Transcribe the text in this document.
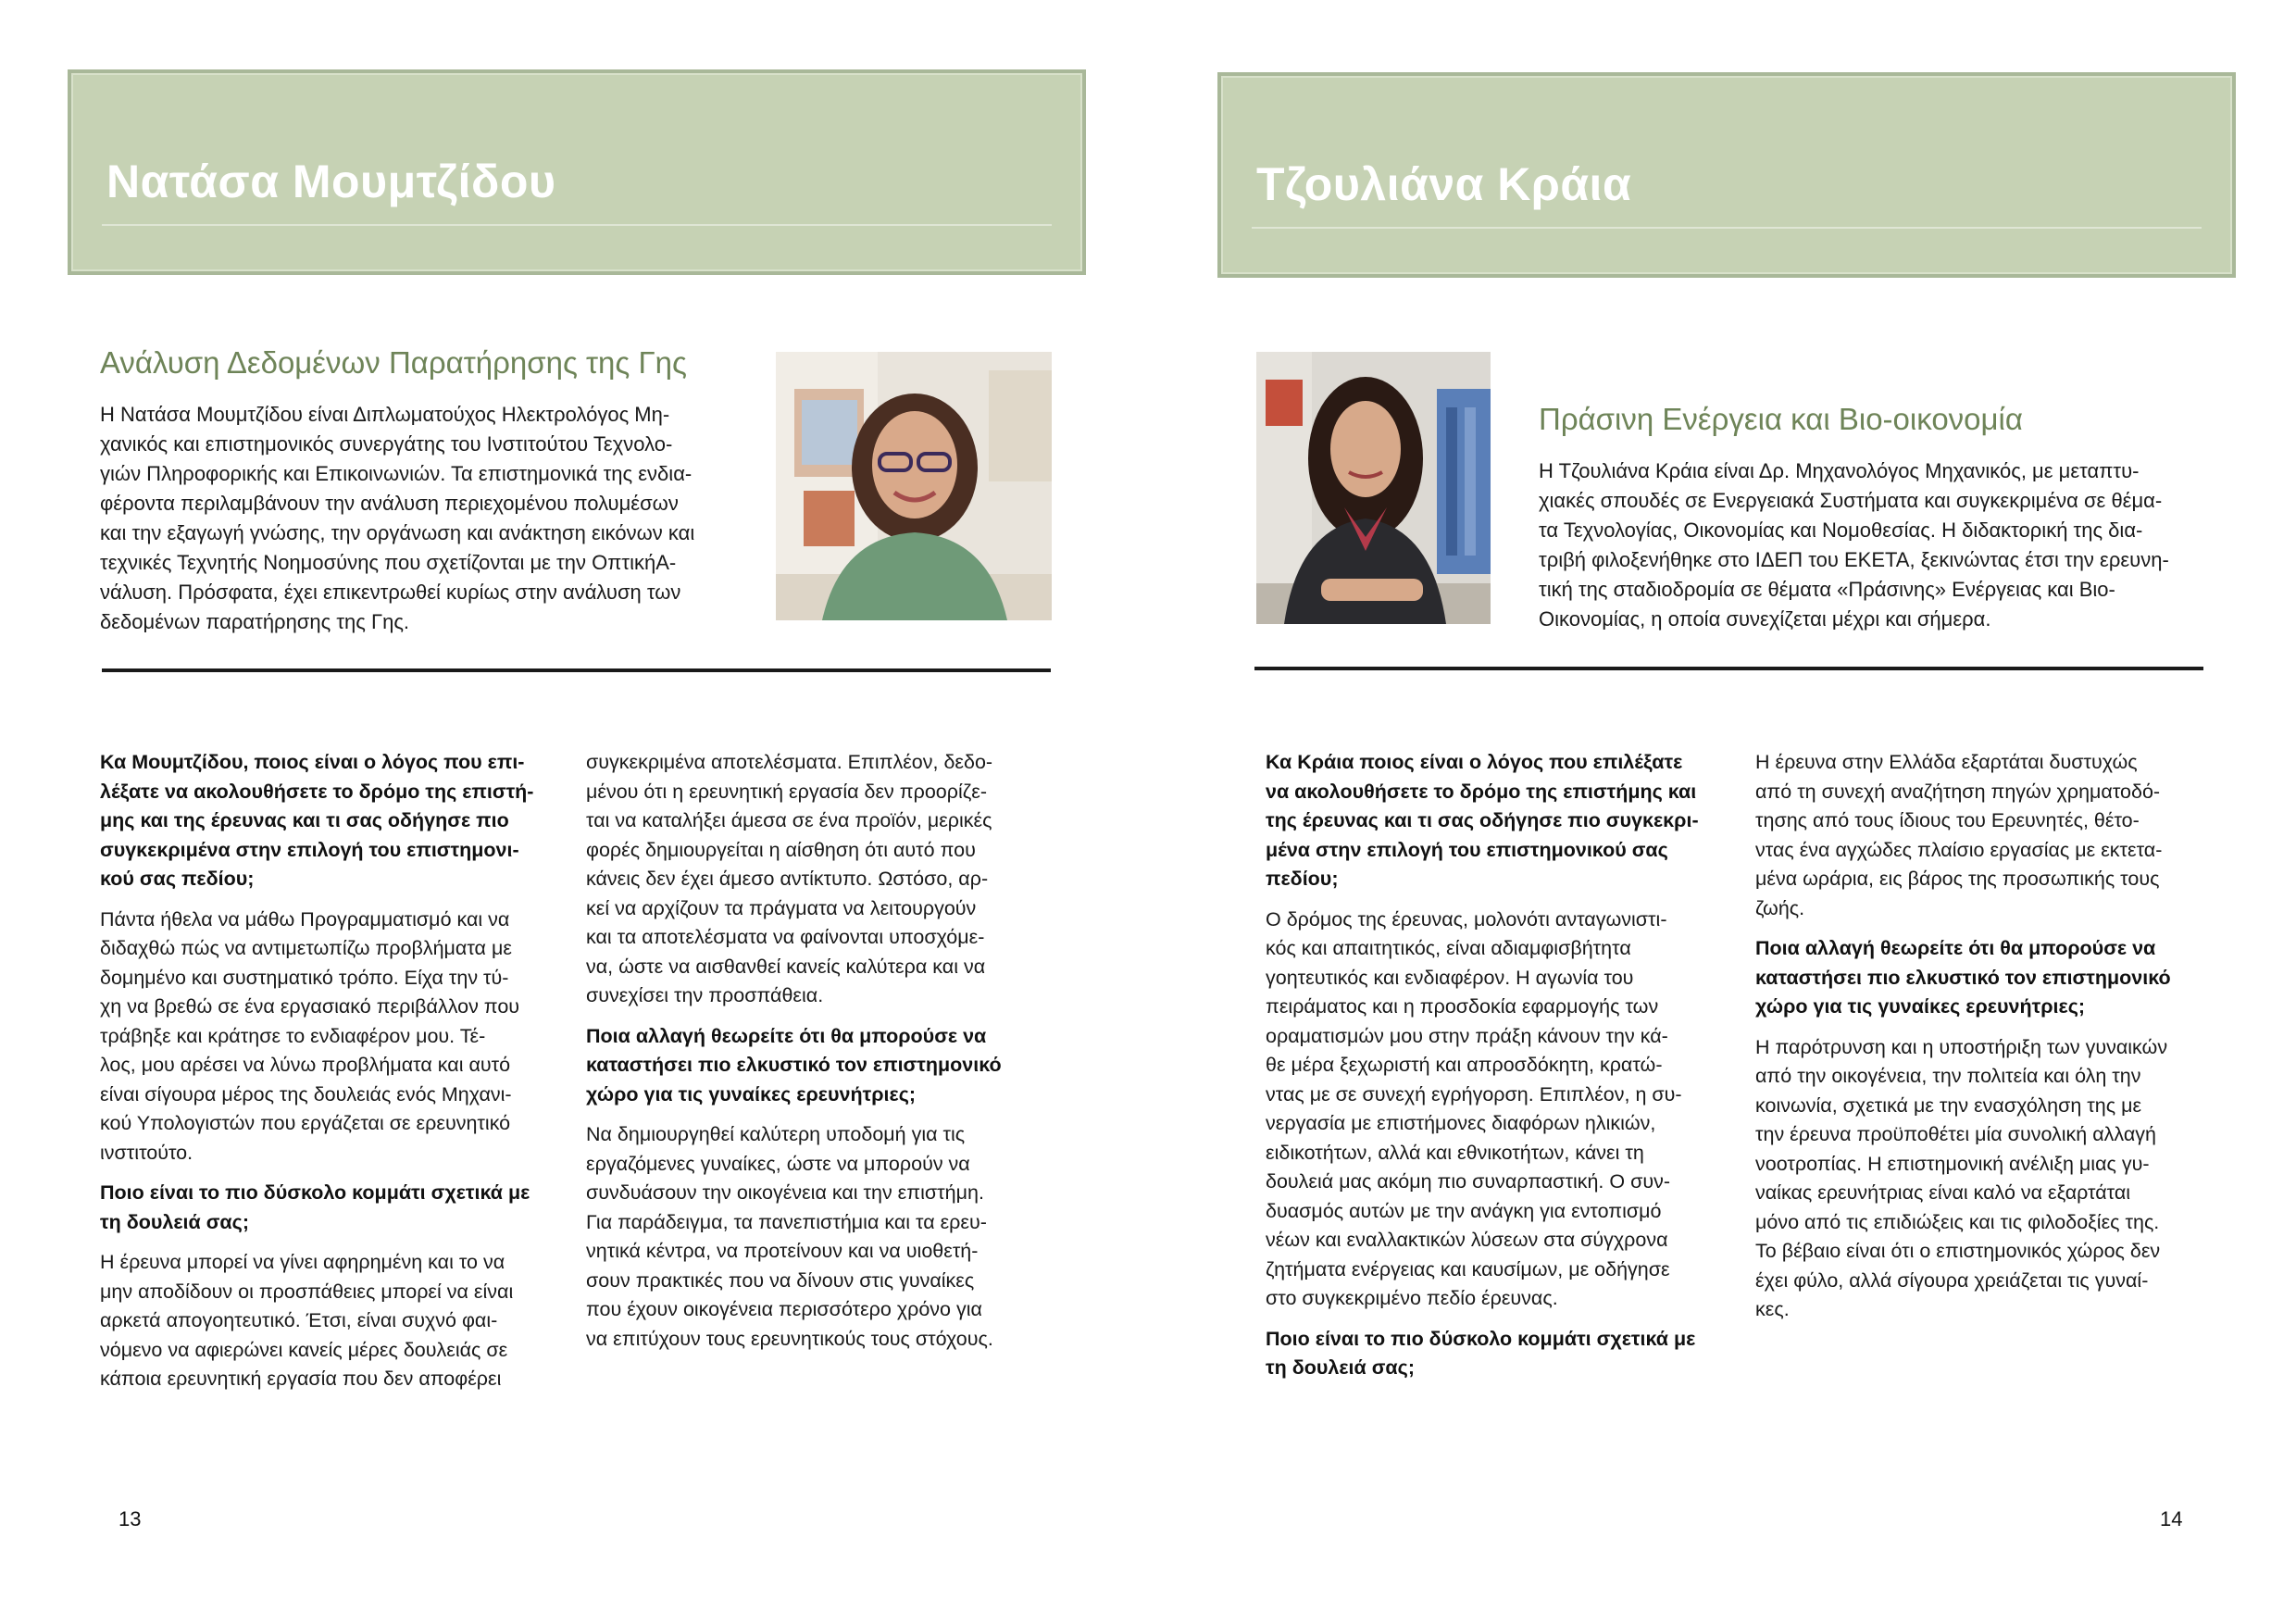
Νατάσα Μουμτζίδου
Ανάλυση Δεδομένων Παρατήρησης της Γης

Η Νατάσα Μουμτζίδου είναι Διπλωματούχος Ηλεκτρολόγος Μη-
χανικός και επιστημονικός συνεργάτης του Ινστιτούτου Τεχνολο-
γιών Πληροφορικής και Επικοινωνιών. Τα επιστημονικά της ενδια-
φέροντα περιλαμβάνουν την ανάλυση περιεχομένου πολυμέσων
και την εξαγωγή γνώσης, την οργάνωση και ανάκτηση εικόνων και
τεχνικές Τεχνητής Νοημοσύνης που σχετίζονται με την ΟπτικήΑ-
νάλυση. Πρόσφατα, έχει επικεντρωθεί κυρίως στην ανάλυση των
δεδομένων παρατήρησης της Γης.

Κα Μουμτζίδου, ποιος είναι ο λόγος που επι-
λέξατε να ακολουθήσετε το δρόμο της επιστή-
μης και της έρευνας και τι σας οδήγησε πιο
συγκεκριμένα στην επιλογή του επιστημονι-
κού σας πεδίου;

Πάντα ήθελα να μάθω Προγραμματισμό και να
διδαχθώ πώς να αντιμετωπίζω προβλήματα με
δομημένο και συστηματικό τρόπο. Είχα την τύ-
χη να βρεθώ σε ένα εργασιακό περιβάλλον που
τράβηξε και κράτησε το ενδιαφέρον μου. Τέ-
λος, μου αρέσει να λύνω προβλήματα και αυτό
είναι σίγουρα μέρος της δουλειάς ενός Μηχανι-
κού Υπολογιστών που εργάζεται σε ερευνητικό
ινστιτούτο.

Ποιο είναι το πιο δύσκολο κομμάτι σχετικά με
τη δουλειά σας;

Η έρευνα μπορεί να γίνει αφηρημένη και το να
μην αποδίδουν οι προσπάθειες μπορεί να είναι
αρκετά απογοητευτικό. Έτσι, είναι συχνό φαι-
νόμενο να αφιερώνει κανείς μέρες δουλειάς σε
κάποια ερευνητική εργασία που δεν αποφέρει

συγκεκριμένα αποτελέσματα. Επιπλέον, δεδο-
μένου ότι η ερευνητική εργασία δεν προορίζε-
ται να καταλήξει άμεσα σε ένα προϊόν, μερικές
φορές δημιουργείται η αίσθηση ότι αυτό που
κάνεις δεν έχει άμεσο αντίκτυπο. Ωστόσο, αρ-
κεί να αρχίζουν τα πράγματα να λειτουργούν
και τα αποτελέσματα να φαίνονται υποσχόμε-
να, ώστε να αισθανθεί κανείς καλύτερα και να
συνεχίσει την προσπάθεια.

Ποια αλλαγή θεωρείτε ότι θα μπορούσε να
καταστήσει πιο ελκυστικό τον επιστημονικό
χώρο για τις γυναίκες ερευνήτριες;

Να δημιουργηθεί καλύτερη υποδομή για τις
εργαζόμενες γυναίκες, ώστε να μπορούν να
συνδυάσουν την οικογένεια και την επιστήμη.
Για παράδειγμα, τα πανεπιστήμια και τα ερευ-
νητικά κέντρα, να προτείνουν και να υιοθετή-
σουν πρακτικές που να δίνουν στις γυναίκες
που έχουν οικογένεια περισσότερο χρόνο για
να επιτύχουν τους ερευνητικούς τους στόχους.

13
Τζουλιάνα Κράια
Πράσινη Ενέργεια και Βιο-οικονομία

Η Τζουλιάνα Κράια είναι Δρ. Μηχανολόγος Μηχανικός, με μεταπτυ-
χιακές σπουδές σε Ενεργειακά Συστήματα και συγκεκριμένα σε θέμα-
τα Τεχνολογίας, Οικονομίας και Νομοθεσίας. Η διδακτορική της δια-
τριβή φιλοξενήθηκε στο ΙΔΕΠ του ΕΚΕΤΑ, ξεκινώντας έτσι την ερευνη-
τική της σταδιοδρομία σε θέματα «Πράσινης» Ενέργειας και Βιο-
Οικονομίας, η οποία συνεχίζεται μέχρι και σήμερα.

Κα Κράια ποιος είναι ο λόγος που επιλέξατε
να ακολουθήσετε το δρόμο της επιστήμης και
της έρευνας και τι σας οδήγησε πιο συγκεκρι-
μένα στην επιλογή του επιστημονικού σας
πεδίου;

Ο δρόμος της έρευνας, μολονότι ανταγωνιστι-
κός και απαιτητικός, είναι αδιαμφισβήτητα
γοητευτικός και ενδιαφέρον. Η αγωνία του
πειράματος και η προσδοκία εφαρμογής των
οραματισμών μου στην πράξη κάνουν την κά-
θε μέρα ξεχωριστή και απροσδόκητη, κρατώ-
ντας με σε συνεχή εγρήγορση. Επιπλέον, η συ-
νεργασία με επιστήμονες διαφόρων ηλικιών,
ειδικοτήτων, αλλά και εθνικοτήτων, κάνει τη
δουλειά μας ακόμη πιο συναρπαστική. Ο συν-
δυασμός αυτών με την ανάγκη για εντοπισμό
νέων και εναλλακτικών λύσεων στα σύγχρονα
ζητήματα ενέργειας και καυσίμων, με οδήγησε
στο συγκεκριμένο πεδίο έρευνας.

Ποιο είναι το πιο δύσκολο κομμάτι σχετικά με
τη δουλειά σας;

Η έρευνα στην Ελλάδα εξαρτάται δυστυχώς
από τη συνεχή αναζήτηση πηγών χρηματοδό-
τησης από τους ίδιους του Ερευνητές, θέτο-
ντας ένα αγχώδες πλαίσιο εργασίας με εκτετα-
μένα ωράρια, εις βάρος της προσωπικής τους
ζωής.

Ποια αλλαγή θεωρείτε ότι θα μπορούσε να
καταστήσει πιο ελκυστικό τον επιστημονικό
χώρο για τις γυναίκες ερευνήτριες;

Η παρότρυνση και η υποστήριξη των γυναικών
από την οικογένεια, την πολιτεία και όλη την
κοινωνία, σχετικά με την ενασχόληση της με
την έρευνα προϋποθέτει μία συνολική αλλαγή
νοοτροπίας. Η επιστημονική ανέλιξη μιας γυ-
ναίκας ερευνήτριας είναι καλό να εξαρτάται
μόνο από τις επιδιώξεις και τις φιλοδοξίες της.
Το βέβαιο είναι ότι ο επιστημονικός χώρος δεν
έχει φύλο, αλλά σίγουρα χρειάζεται τις γυναί-
κες.

14
